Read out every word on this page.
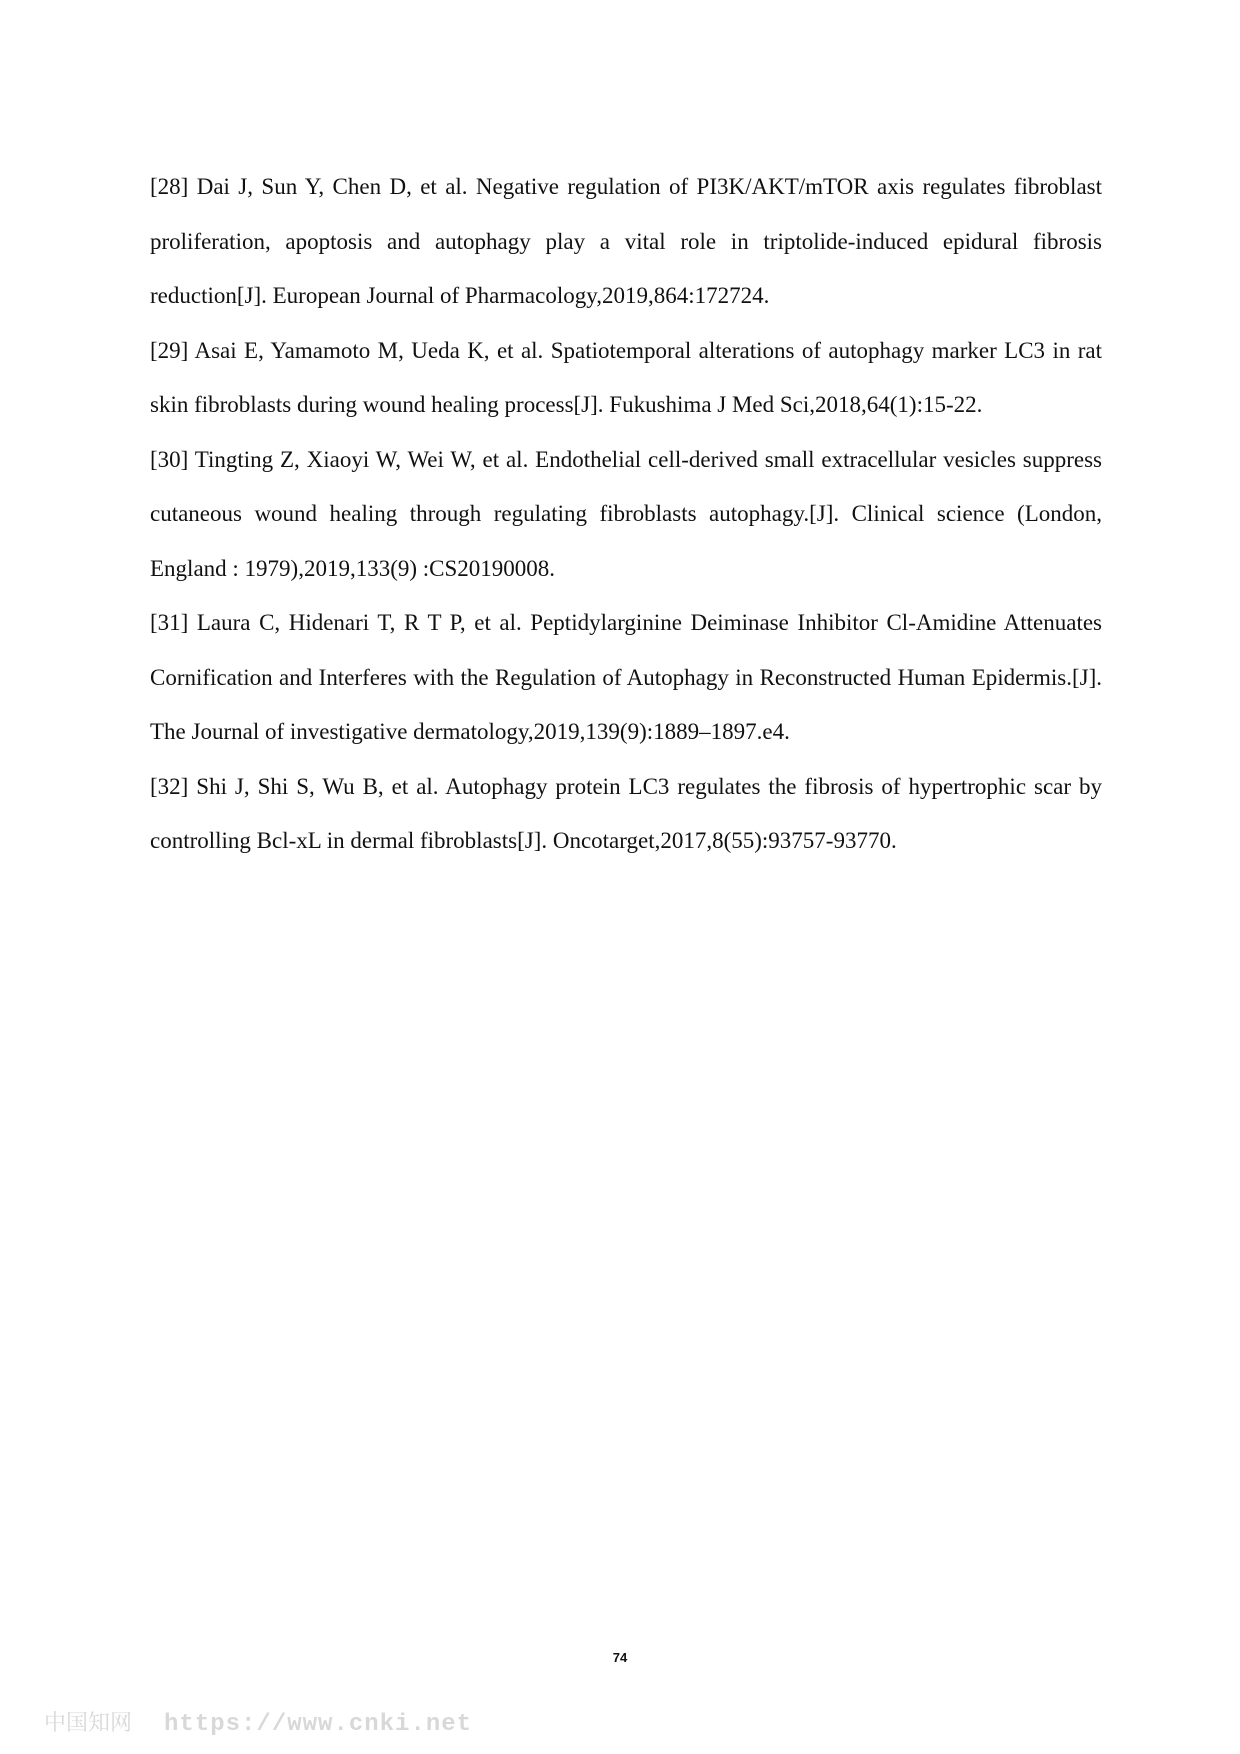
[28] Dai J, Sun Y, Chen D, et al. Negative regulation of PI3K/AKT/mTOR axis regulates fibroblast proliferation, apoptosis and autophagy play a vital role in triptolide-induced epidural fibrosis reduction[J]. European Journal of Pharmacology,2019,864:172724.

[29] Asai E, Yamamoto M, Ueda K, et al. Spatiotemporal alterations of autophagy marker LC3 in rat skin fibroblasts during wound healing process[J]. Fukushima J Med Sci,2018,64(1):15-22.

[30] Tingting Z, Xiaoyi W, Wei W, et al. Endothelial cell-derived small extracellular vesicles suppress cutaneous wound healing through regulating fibroblasts autophagy.[J]. Clinical science (London, England : 1979),2019,133(9) :CS20190008.

[31] Laura C, Hidenari T, R T P, et al. Peptidylarginine Deiminase Inhibitor Cl-Amidine Attenuates Cornification and Interferes with the Regulation of Autophagy in Reconstructed Human Epidermis.[J]. The Journal of investigative dermatology,2019,139(9):1889–1897.e4.

[32] Shi J, Shi S, Wu B, et al. Autophagy protein LC3 regulates the fibrosis of hypertrophic scar by controlling Bcl-xL in dermal fibroblasts[J]. Oncotarget,2017,8(55):93757-93770.

74
中国知网 https://www.cnki.net
